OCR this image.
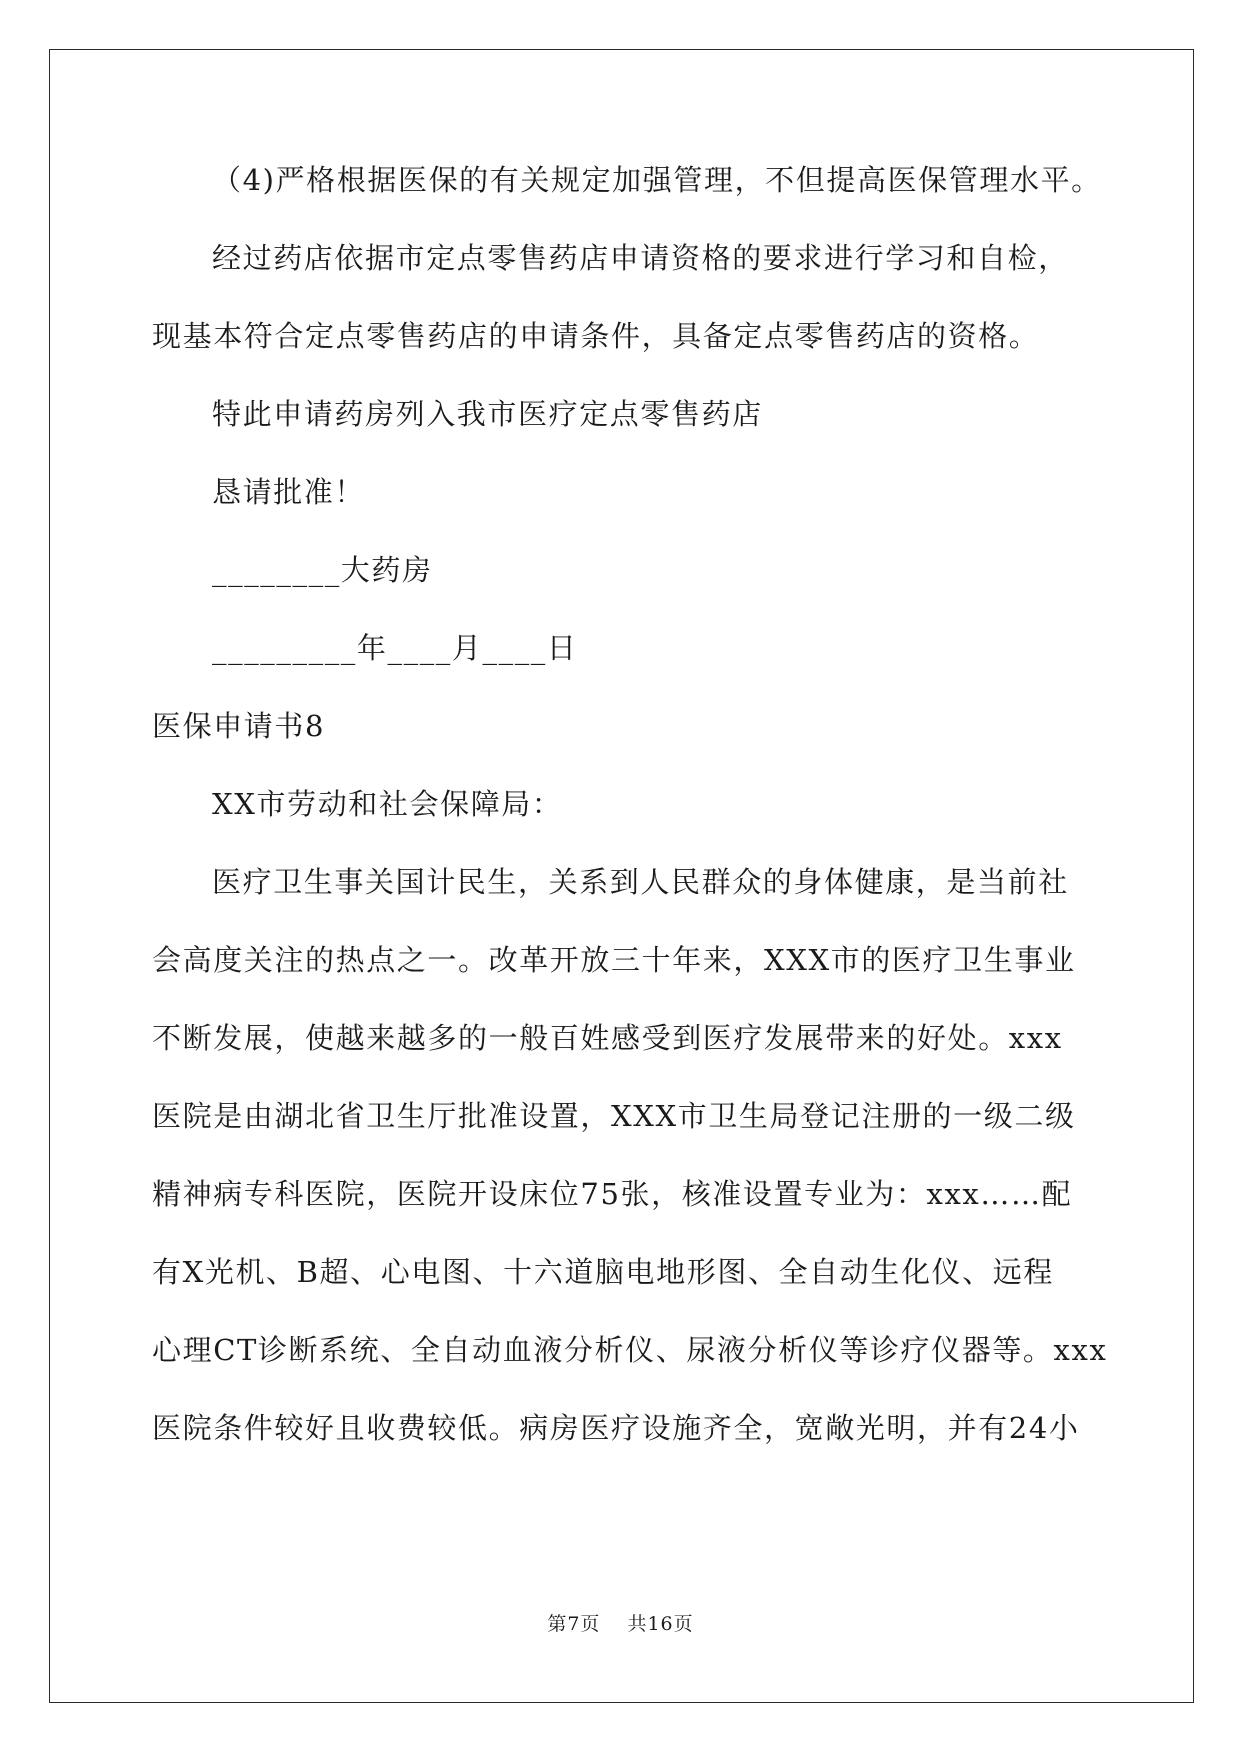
（4)严格根据医保的有关规定加强管理，不但提高医保管理水平。
经过药店依据市定点零售药店申请资格的要求进行学习和自检，
现基本符合定点零售药店的申请条件，具备定点零售药店的资格。
特此申请药房列入我市医疗定点零售药店
恳请批准！
________大药房
_________年____月____日
医保申请书8
XX市劳动和社会保障局：
医疗卫生事关国计民生，关系到人民群众的身体健康，是当前社
会高度关注的热点之一。改革开放三十年来，XXX市的医疗卫生事业
不断发展，使越来越多的一般百姓感受到医疗发展带来的好处。xxx
医院是由湖北省卫生厅批准设置，XXX市卫生局登记注册的一级二级
精神病专科医院，医院开设床位75张，核准设置专业为：xxx……配
有X光机、B超、心电图、十六道脑电地形图、全自动生化仪、远程
心理CT诊断系统、全自动血液分析仪、尿液分析仪等诊疗仪器等。xxx
医院条件较好且收费较低。病房医疗设施齐全，宽敞光明，并有24小
第7页 共16页
